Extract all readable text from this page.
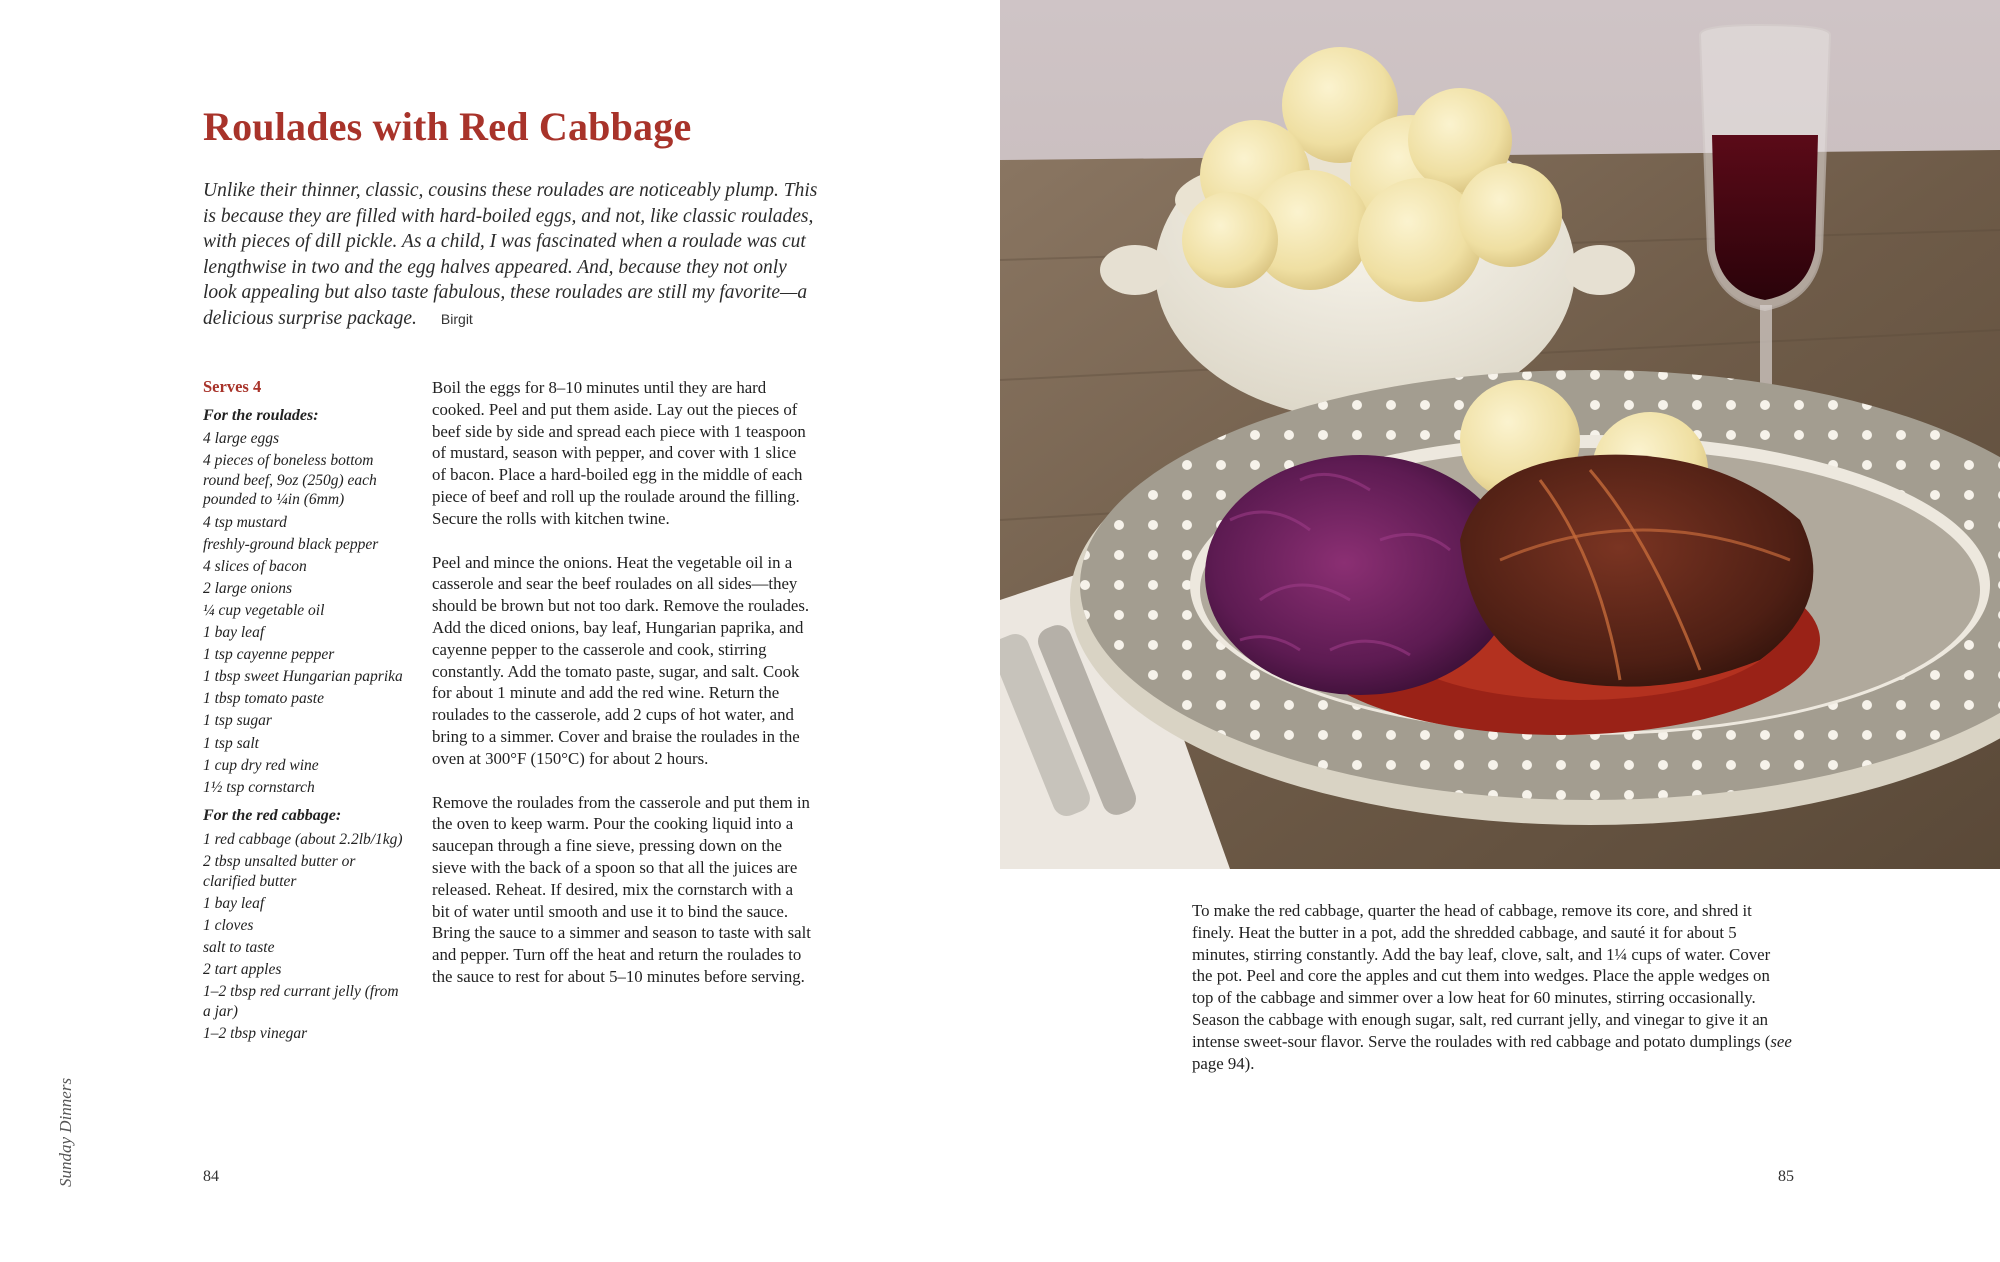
Roulades with Red Cabbage
Unlike their thinner, classic, cousins these roulades are noticeably plump. This is because they are filled with hard-boiled eggs, and not, like classic roulades, with pieces of dill pickle. As a child, I was fascinated when a roulade was cut lengthwise in two and the egg halves appeared. And, because they not only look appealing but also taste fabulous, these roulades are still my favorite—a delicious surprise package. Birgit
Serves 4
For the roulades:
4 large eggs
4 pieces of boneless bottom round beef, 9oz (250g) each pounded to ¼in (6mm)
4 tsp mustard
freshly-ground black pepper
4 slices of bacon
2 large onions
¼ cup vegetable oil
1 bay leaf
1 tsp cayenne pepper
1 tbsp sweet Hungarian paprika
1 tbsp tomato paste
1 tsp sugar
1 tsp salt
1 cup dry red wine
1½ tsp cornstarch
For the red cabbage:
1 red cabbage (about 2.2lb/1kg)
2 tbsp unsalted butter or clarified butter
1 bay leaf
1 cloves
salt to taste
2 tart apples
1–2 tbsp red currant jelly (from a jar)
1–2 tbsp vinegar

Boil the eggs for 8–10 minutes until they are hard cooked. Peel and put them aside. Lay out the pieces of beef side by side and spread each piece with 1 teaspoon of mustard, season with pepper, and cover with 1 slice of bacon. Place a hard-boiled egg in the middle of each piece of beef and roll up the roulade around the filling. Secure the rolls with kitchen twine.

Peel and mince the onions. Heat the vegetable oil in a casserole and sear the beef roulades on all sides—they should be brown but not too dark. Remove the roulades. Add the diced onions, bay leaf, Hungarian paprika, and cayenne pepper to the casserole and cook, stirring constantly. Add the tomato paste, sugar, and salt. Cook for about 1 minute and add the red wine. Return the roulades to the casserole, add 2 cups of hot water, and bring to a simmer. Cover and braise the roulades in the oven at 300°F (150°C) for about 2 hours.

Remove the roulades from the casserole and put them in the oven to keep warm. Pour the cooking liquid into a saucepan through a fine sieve, pressing down on the sieve with the back of a spoon so that all the juices are released. Reheat. If desired, mix the cornstarch with a bit of water until smooth and use it to bind the sauce. Bring the sauce to a simmer and season to taste with salt and pepper. Turn off the heat and return the roulades to the sauce to rest for about 5–10 minutes before serving.

Sunday Dinners	84
To make the red cabbage, quarter the head of cabbage, remove its core, and shred it finely. Heat the butter in a pot, add the shredded cabbage, and sauté it for about 5 minutes, stirring constantly. Add the bay leaf, clove, salt, and 1¼ cups of water. Cover the pot. Peel and core the apples and cut them into wedges. Place the apple wedges on top of the cabbage and simmer over a low heat for 60 minutes, stirring occasionally. Season the cabbage with enough sugar, salt, red currant jelly, and vinegar to give it an intense sweet-sour flavor. Serve the roulades with red cabbage and potato dumplings (see page 94).
85
